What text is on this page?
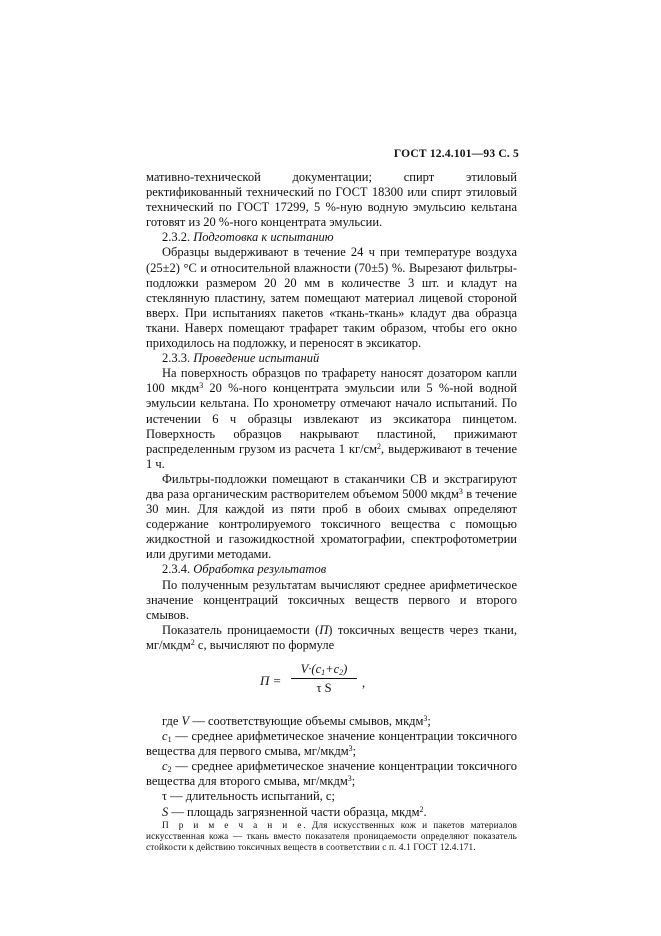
ГОСТ 12.4.101—93 С. 5

мативно-технической документации; спирт этиловый ректификованный технический по ГОСТ 18300 или спирт этиловый технический по ГОСТ 17299, 5 %-ную водную эмульсию кельтана готовят из 20 %-ного концентрата эмульсии.

2.3.2. Подготовка к испытанию

Образцы выдерживают в течение 24 ч при температуре воздуха (25±2) °С и относительной влажности (70±5) %. Вырезают фильтры-подложки размером 20 20 мм в количестве 3 шт. и кладут на стеклянную пластину, затем помещают материал лицевой стороной вверх. При испытаниях пакетов «ткань-ткань» кладут два образца ткани. Наверх помещают трафарет таким образом, чтобы его окно приходилось на подложку, и переносят в эксикатор.

2.3.3. Проведение испытаний

На поверхность образцов по трафарету наносят дозатором капли 100 мкдм$^3$ 20 %-ного концентрата эмульсии или 5 %-ной водной эмульсии кельтана. По хронометру отмечают начало испытаний. По истечении 6 ч образцы извлекают из эксикатора пинцетом. Поверхность образцов накрывают пластиной, прижимают распределенным грузом из расчета 1 $кг/см^2$, выдерживают в течение 1 ч.

Фильтры-подложки помещают в стаканчики СВ и экстрагируют два раза органическим растворителем объемом 5000 мкдм$^3$ в течение 30 мин. Для каждой из пяти проб в обоих смывах определяют содержание контролируемого токсичного вещества с помощью жидкостной и газожидкостной хроматографии, спектрофотометрии или другими методами.

2.3.4. Обработка результатов

По полученным результатам вычисляют среднее арифметическое значение концентраций токсичных веществ первого и второго смывов.

Показатель проницаемости (П) токсичных веществ через ткани, мг/мкдм$^2$ с, вычисляют по формуле

$П = \frac{V\cdot(c_1+c_2)}{\text{τ S}}$ ,

где V — соответствующие объемы смывов, мкдм$^3$;

$c_1$ — среднее арифметическое значение концентрации токсичного вещества для первого смыва, мг/мкдм$^3$;

$c_2$ — среднее арифметическое значение концентрации токсичного вещества для второго смыва, мг/мкдм$^3$;

τ — длительность испытаний, с;

S — площадь загрязненной части образца, мкдм$^2$.

П р и м е ч а н и е. Для искусственных кож и пакетов материалов искусственная кожа — ткань вместо показателя проницаемости определяют показатель стойкости к действию токсичных веществ в соответствии с п. 4.1 ГОСТ 12.4.171.
